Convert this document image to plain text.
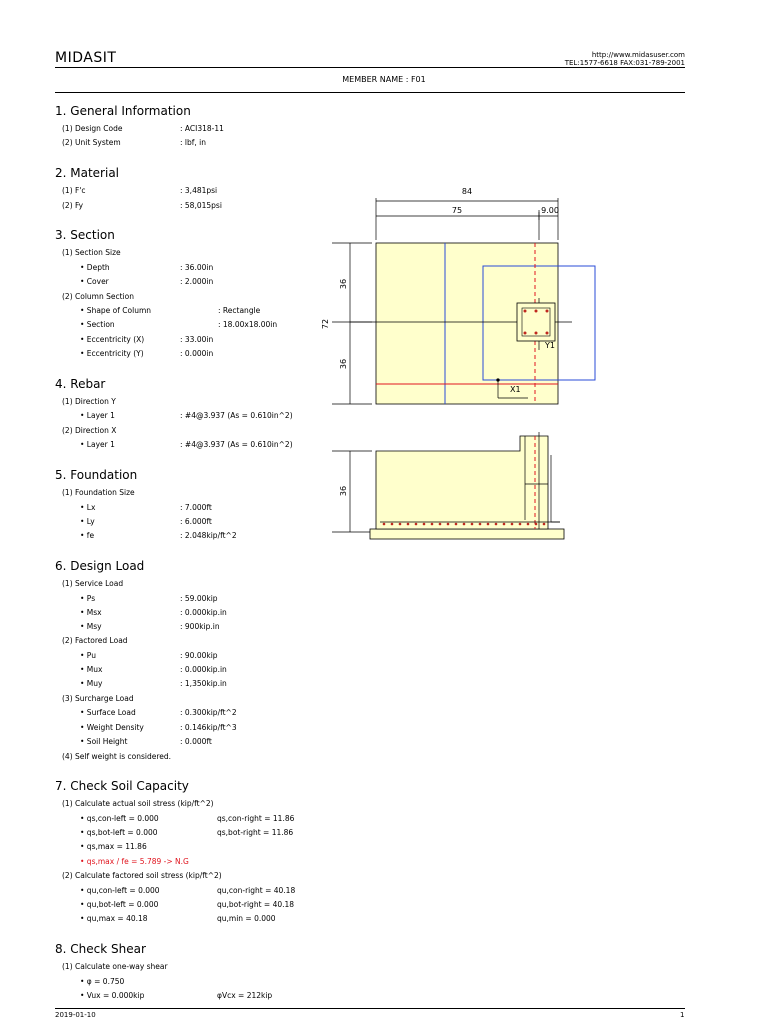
MIDASIT	http://www.midasuser.com
TEL:1577-6618 FAX:031-789-2001
MEMBER NAME : F01
1. General Information
(1) Design Code	: ACI318-11
(2) Unit System	: lbf, in
2. Material
(1) F'c	: 3,481psi
(2) Fy	: 58,015psi
3. Section
(1) Section Size
• Depth	: 36.00in
• Cover	: 2.000in
(2) Column Section
• Shape of Column	: Rectangle
• Section	: 18.00x18.00in
• Eccentricity (X)	: 33.00in
• Eccentricity (Y)	: 0.000in
4. Rebar
(1) Direction Y
• Layer 1	: #4@3.937 (As = 0.610in^2)
(2) Direction X
• Layer 1	: #4@3.937 (As = 0.610in^2)
5. Foundation
(1) Foundation Size
• Lx	: 7.000ft
• Ly	: 6.000ft
• fe	: 2.048kip/ft^2
6. Design Load
(1) Service Load
• Ps	: 59.00kip
• Msx	: 0.000kip.in
• Msy	: 900kip.in
(2) Factored Load
• Pu	: 90.00kip
• Mux	: 0.000kip.in
• Muy	: 1,350kip.in
(3) Surcharge Load
• Surface Load	: 0.300kip/ft^2
• Weight Density	: 0.146kip/ft^3
• Soil Height	: 0.000ft
(4) Self weight is considered.
7. Check Soil Capacity
(1) Calculate actual soil stress (kip/ft^2)
• qs,con-left = 0.000	qs,con-right = 11.86
• qs,bot-left = 0.000	qs,bot-right = 11.86
• qs,max = 11.86
• qs,max / fe = 5.789 -> N.G
(2) Calculate factored soil stress (kip/ft^2)
• qu,con-left = 0.000	qu,con-right = 40.18
• qu,bot-left = 0.000	qu,bot-right = 40.18
• qu,max = 40.18	qu,min = 0.000
8. Check Shear
(1) Calculate one-way shear
• φ = 0.750
• Vux = 0.000kip	φVcx = 212kip
2019-01-10	1
84
75	9.00
36
72
36
X1
Y1
36
